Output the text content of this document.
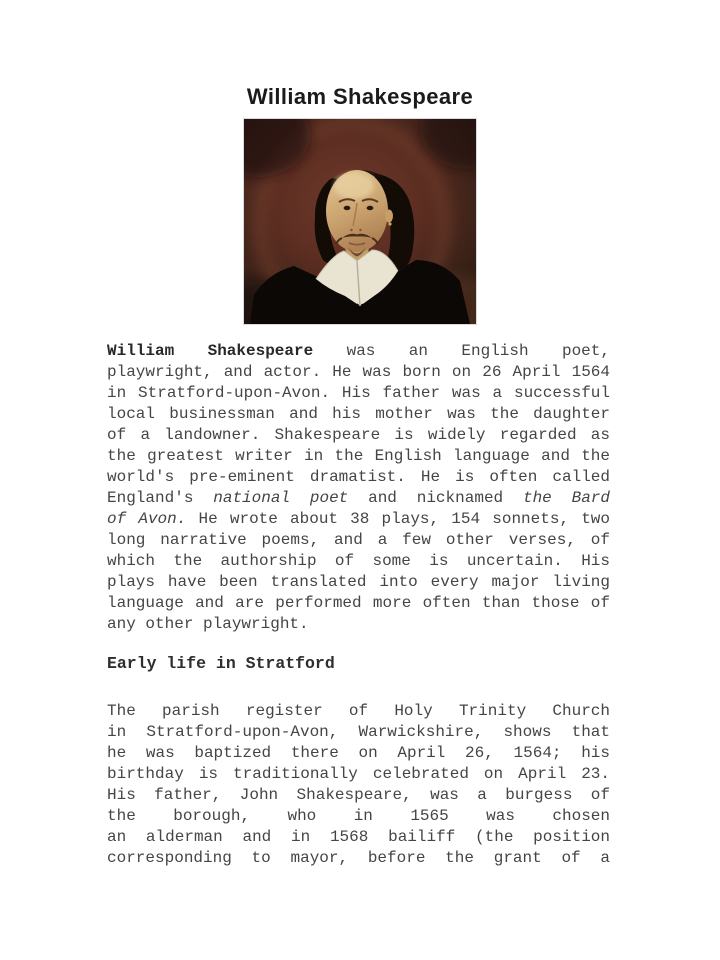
William Shakespeare
William Shakespeare was an English poet,
playwright, and actor. He was born on 26 April 1564
in Stratford-upon-Avon. His father was a successful
local businessman and his mother was the daughter
of a landowner. Shakespeare is widely regarded as
the greatest writer in the English language and the
world's pre-eminent dramatist. He is often called
England's national poet and nicknamed the Bard
of Avon. He wrote about 38 plays, 154 sonnets, two
long narrative poems, and a few other verses, of
which the authorship of some is uncertain. His
plays have been translated into every major living
language and are performed more often than those of
any other playwright.
Early life in Stratford
The parish register of Holy Trinity Church
in Stratford-upon-Avon, Warwickshire, shows that
he was baptized there on April 26, 1564; his
birthday is traditionally celebrated on April 23.
His father, John Shakespeare, was a burgess of
the borough, who in 1565 was chosen
an alderman and in 1568 bailiff (the position
corresponding to mayor, before the grant of a
